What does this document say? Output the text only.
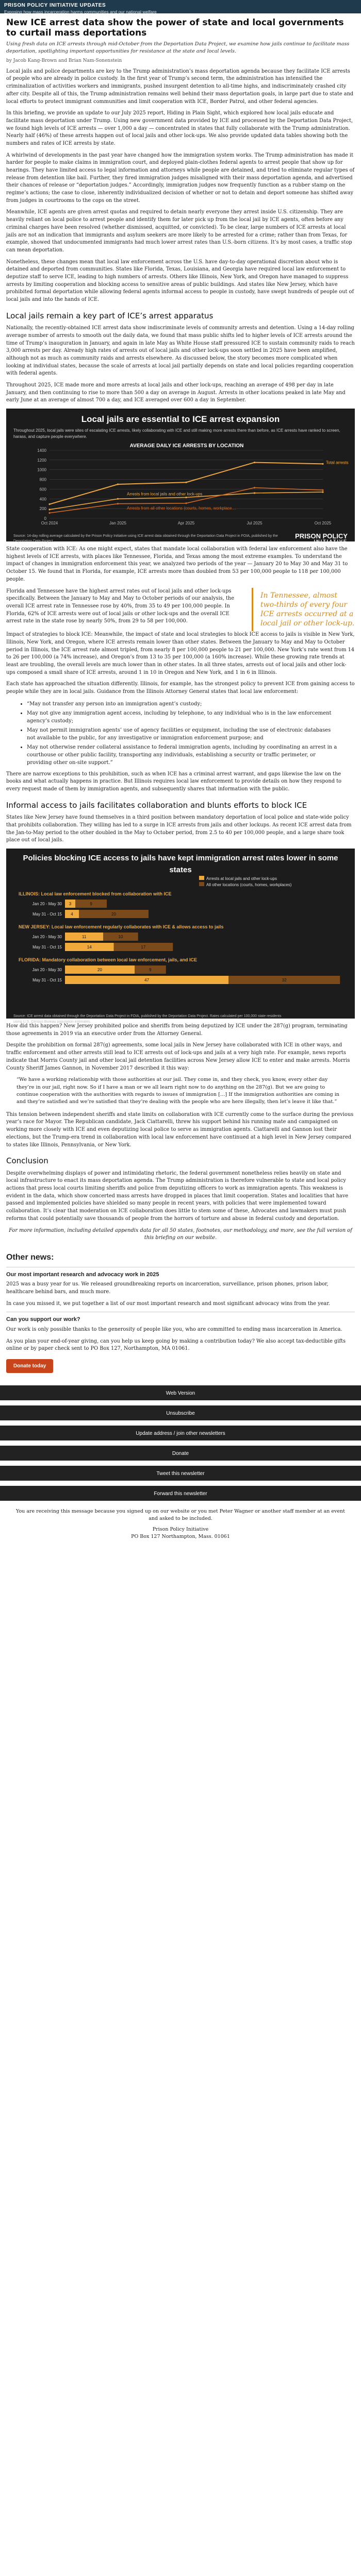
PRISON POLICY INITIATIVE UPDATES
Exposing how mass incarceration harms communities and our national welfare
New ICE arrest data show the power of state and local governments to curtail mass deportations
Using fresh data on ICE arrests through mid-October from the Deportation Data Project, we examine how jails continue to facilitate mass deportation, spotlighting important opportunities for resistance at the state and local levels.
by Jacob Kang-Brown and Brian Nam-Sonenstein

Local jails and police departments are key to the Trump administration’s mass deportation agenda because they facilitate ICE arrests of people who are already in police custody. In the first year of Trump’s second term, the administration has intensified the criminalization of activities workers and immigrants, pushed insurgent detention to all-time highs, and indiscriminately crashed city after city. Despite all of this, the Trump administration remains well behind their mass deportation goals, in large part due to state and local efforts to protect immigrant communities and limit cooperation with ICE, Border Patrol, and other federal agencies.

In this briefing, we provide an update to our July 2025 report, Hiding in Plain Sight, which explored how local jails educate and facilitate mass deportation under Trump. Using new government data provided by ICE and processed by the Deportation Data Project, we found high levels of ICE arrests — over 1,000 a day — concentrated in states that fully collaborate with the Trump administration. Nearly half (46%) of these arrests happen out of local jails and other lock-ups. We also provide updated data tables showing both the numbers and rates of ICE arrests by state.

A whirlwind of developments in the past year have changed how the immigration system works. The Trump administration has made it harder for people to make claims in immigration court, and deployed plain-clothes federal agents to arrest people that show up for hearings. They have limited access to legal information and attorneys while people are detained, and tried to eliminate regular types of release from detention like bail. Further, they fired immigration judges misaligned with their mass deportation agenda, and advertised their chances of release or “deportation judges.” Accordingly, immigration judges now frequently function as a rubber stamp on the regime’s actions; the case to close, inherently individualized decision of whether or not to detain and deport someone has shifted away from judges in courtrooms to the cops on the street.

Meanwhile, ICE agents are given arrest quotas and required to detain nearly everyone they arrest inside U.S. citizenship. They are heavily reliant on local police to arrest people and identify them for later pick up from the local jail by ICE agents, often before any criminal charges have been resolved (whether dismissed, acquitted, or convicted). To be clear, large numbers of ICE arrests at local jails are not an indication that immigrants and asylum seekers are more likely to be arrested for a crime; rather than from Texas, for example, showed that undocumented immigrants had much lower arrest rates than U.S.-born citizens. It’s by most cases, a traffic stop can mean deportation.

Nonetheless, these changes mean that local law enforcement across the U.S. have day-to-day operational discretion about who is detained and deported from communities. States like Florida, Texas, Louisiana, and Georgia have required local law enforcement to deputize staff to serve ICE, leading to high numbers of arrests. Others like Illinois, New York, and Oregon have managed to suppress arrests by limiting cooperation and blocking access to sensitive areas of public buildings. And states like New Jersey, which have prohibited formal deportation while allowing federal agents informal access to people in custody, have swept hundreds of people out of local jails and into the hands of ICE.

Local jails remain a key part of ICE’s arrest apparatus

Nationally, the recently-obtained ICE arrest data show indiscriminate levels of community arrests and detention. Using a 14-day rolling average number of arrests to smooth out the daily data, we found that mass public shifts led to higher levels of ICE arrests around the time of Trump’s inauguration in January, and again in late May as White House staff pressured ICE to sustain community raids to reach 3,000 arrests per day. Already high rates of arrests out of local jails and other lock-ups soon settled in 2025 have been amplified, although not as much as community raids and arrests elsewhere. As discussed below, the story becomes more complicated when looking at individual states, because the scale of arrests at local jail partially depends on state and local policies regarding cooperation with federal agents.

Throughout 2025, ICE made more and more arrests at local jails and other lock-ups, reaching an average of 498 per day in late January, and then continuing to rise to more than 500 a day on average in August. Arrests in other locations peaked in late May and early June at an average of almost 700 a day, and ICE averaged over 600 a day in September.

Local jails are essential to ICE arrest expansion
Throughout 2025, local jails were sites of escalating ICE arrests, likely collaborating with ICE and still making more arrests there than before, as ICE arrests have ranked to screen, harass, and capture people everywhere.
AVERAGE DAILY ICE ARRESTS BY LOCATION
0
200
400
600
800
1000
1200
1400
Oct 2024	Jan 2025	Apr 2025	Jul 2025	Oct 2025
Total arrests
Arrests from local jails and other lock-ups
Arrests from all other locations (courts, homes, workplace…
Source: 14-day rolling average calculated by the Prison Policy Initiative using ICE arrest data obtained through the Deportation Data Project in FOIA, published by the Deportation Data Project.
PRISON POLICY
INITIATIVE

State cooperation with ICE: As one might expect, states that mandate local collaboration with federal law enforcement also have the highest levels of ICE arrests, with places like Tennessee, Florida, and Texas among the most extreme examples. To understand the impact of changes in immigration enforcement this year, we analyzed two periods of the year — January 20 to May 30 and May 31 to October 15. We found that in Florida, for example, ICE arrests more than doubled from 53 per 100,000 people to 118 per 100,000 people.

Florida and Tennessee have the highest arrest rates out of local jails and other lock-ups specifically. Between the January to May and May to October periods of our analysis, the overall ICE arrest rate in Tennessee rose by 40%, from 35 to 49 per 100,000 people. In Florida, 62% of ICE arrests were out of local jails or other lock-ups and the overall ICE arrest rate in the state rose by nearly 50%, from 29 to 58 per 100,000.

In Tennessee, almost two-thirds of every four ICE arrests occurred at a local jail or other lock-up.

Impact of strategies to block ICE: Meanwhile, the impact of state and local strategies to block ICE access to jails is visible in New York, Illinois, New York, and Oregon, where ICE arrests remain lower than other states. Between the January to May and May to October period in Illinois, the ICE arrest rate almost tripled, from nearly 8 per 100,000 people to 21 per 100,000. New York’s rate went from 14 to 26 per 100,000 (a 74% increase), and Oregon’s from 13 to 35 per 100,000 (a 160% increase). While these growing rate trends at least are troubling, the overall levels are much lower than in other states. In all three states, arrests out of local jails and other lock-ups composed a small share of ICE arrests, around 1 in 10 in Oregon and New York, and 1 in 6 in Illinois.

Each state has approached the situation differently. Illinois, for example, has the strongest policy to prevent ICE from gaining access to people while they are in local jails. Guidance from the Illinois Attorney General states that local law enforcement:

• “May not transfer any person into an immigration agent’s custody;
• May not give any immigration agent access, including by telephone, to any individual who is in the law enforcement agency’s custody;
• May not permit immigration agents’ use of agency facilities or equipment, including the use of electronic databases not available to the public, for any investigative or immigration enforcement purpose; and
• May not otherwise render collateral assistance to federal immigration agents, including by coordinating an arrest in a courthouse or other public facility, transporting any individuals, establishing a security or traffic perimeter, or providing other on-site support.”

There are narrow exceptions to this prohibition, such as when ICE has a criminal arrest warrant, and gaps likewise the law on the books and what actually happens in practice. But Illinois requires local law enforcement to provide details on how they respond to every request made of them by immigration agents, and subsequently shares that information with the public.

Informal access to jails facilitates collaboration and blunts efforts to block ICE

States like New Jersey have found themselves in a third position between mandatory deportation of local police and state-wide policy that prohibits collaboration. They willing has led to a surge in ICE arrests from jails and other lockups. As recent ICE arrest data from the Jan-to-May period to the other doubled in the May to October period, from 2.5 to 40 per 100,000 people, and a large share took place out of local jails.

Policies blocking ICE access to jails have kept immigration arrest rates lower in some states
Arrests at local jails and other lock-ups
All other locations (courts, homes, workplaces)
ILLINOIS: Local law enforcement blocked from collaboration with ICE
Jan 20 - May 30 3	9
May 31 - Oct 15 4	20
NEW JERSEY: Local law enforcement regularly collaborates with ICE & allows access to jails
Jan 20 - May 30	11	10
May 31 - Oct 15	14	17
FLORIDA: Mandatory collaboration between local law enforcement, jails, and ICE
Jan 20 - May 30	20	9
May 31 - Oct 15	47	32
Source: ICE arrest data obtained through the Deportation Data Project in FOIA, published by the Deportation Data Project. Rates calculated per 100,000 state residents using U.S. Census Bureau population estimates.

How did this happen? New Jersey prohibited police and sheriffs from being deputized by ICE under the 287(g) program, terminating those agreements in 2019 via an executive order from the Attorney General.

Despite the prohibition on formal 287(g) agreements, some local jails in New Jersey have collaborated with ICE in other ways, and traffic enforcement and other arrests still lead to ICE arrests out of lock-ups and jails at a very high rate. For example, news reports indicate that Morris County jail and other local jail detention facilities across New Jersey allow ICE to enter and make arrests. Morris County Sheriff James Gannon, in November 2017 described it this way:

“We have a working relationship with those authorities at our jail. They come in, and they check, you know, every other day they’re in our jail, right now. So if I have a man or we all learn right now to do anything on the 287(g). But we are going to continue cooperation with the authorities with regards to issues of immigration […] If the immigration authorities are coming in and they’re satisfied and we’re satisfied that they’re dealing with the people who are here illegally, then let’s leave it like that.”

This tension between independent sheriffs and state limits on collaboration with ICE currently come to the surface during the previous year’s race for Mayor. The Republican candidate, Jack Ciattarelli, threw his support behind his running mate and campaigned on working more closely with ICE and even deputizing local police to serve as immigration agents. Ciattarelli and Gannon lost their elections, but the Trump-era trend in collaboration with local law enforcement have continued at a high level in New Jersey compared to states like Illinois, Pennsylvania, or New York.

Conclusion

Despite overwhelming displays of power and intimidating rhetoric, the federal government nonetheless relies heavily on state and local infrastructure to enact its mass deportation agenda. The Trump administration is therefore vulnerable to state and local policy actions that press local courts limiting sheriffs and police from deputizing officers to work as immigration agents. This weakness is evident in the data, which show concerted mass arrests have dropped in places that limit cooperation. States and localities that have passed and implemented policies have shielded so many people in recent years, with policies that were implemented toward collaboration. It’s clear that moderation on ICE collaboration does little to stem some of these, Advocates and lawmakers must push reforms that could potentially save thousands of people from the horrors of torture and abuse in federal custody and deportation.

For more information, including detailed appendix data for all 50 states, footnotes, our methodology, and more, see the full version of this briefing on our website.

Other news:
Our most important research and advocacy work in 2025

2025 was a busy year for us. We released groundbreaking reports on incarceration, surveillance, prison phones, prison labor, healthcare behind bars, and much more.

In case you missed it, we put together a list of our most important research and most significant advocacy wins from the year.

Can you support our work?

Our work is only possible thanks to the generosity of people like you, who are committed to ending mass incarceration in America.

As you plan your end-of-year giving, can you help us keep going by making a contribution today? We also accept tax-deductible gifts online or by paper check sent to PO Box 127, Northampton, MA 01061.

Donate today
Web Version
Unsubscribe
Update address / join other newsletters
Donate
Tweet this newsletter
Forward this newsletter
You are receiving this message because you signed up on our website or you met Peter Wagner or another staff member at an event and asked to be included.
Prison Policy Initiative
PO Box 127 Northampton, Mass. 01061
